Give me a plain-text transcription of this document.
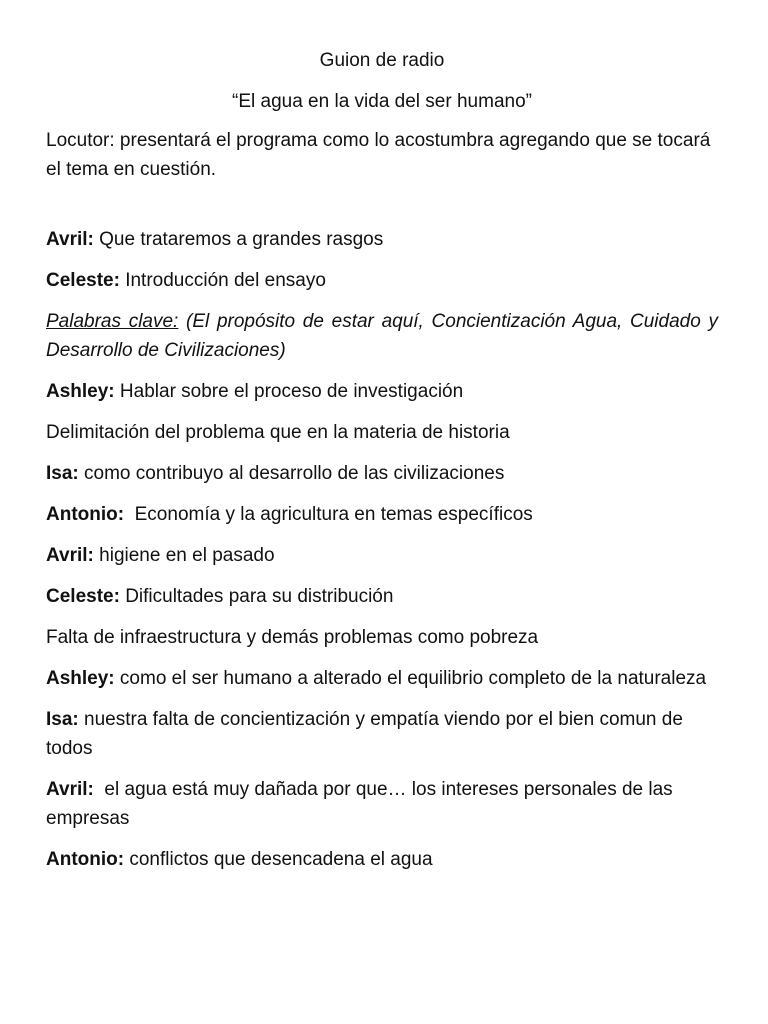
Guion de radio

“El agua en la vida del ser humano”

Locutor: presentará el programa como lo acostumbra agregando que se tocará el tema en cuestión.

Avril: Que trataremos a grandes rasgos

Celeste: Introducción del ensayo

Palabras clave: (El propósito de estar aquí, Concientización Agua, Cuidado y Desarrollo de Civilizaciones)

Ashley: Hablar sobre el proceso de investigación

Delimitación del problema que en la materia de historia

Isa: como contribuyo al desarrollo de las civilizaciones

Antonio:  Economía y la agricultura en temas específicos

Avril: higiene en el pasado

Celeste: Dificultades para su distribución

Falta de infraestructura y demás problemas como pobreza

Ashley: como el ser humano a alterado el equilibrio completo de la naturaleza

Isa: nuestra falta de concientización y empatía viendo por el bien comun de todos

Avril:  el agua está muy dañada por que… los intereses personales de las empresas

Antonio: conflictos que desencadena el agua
